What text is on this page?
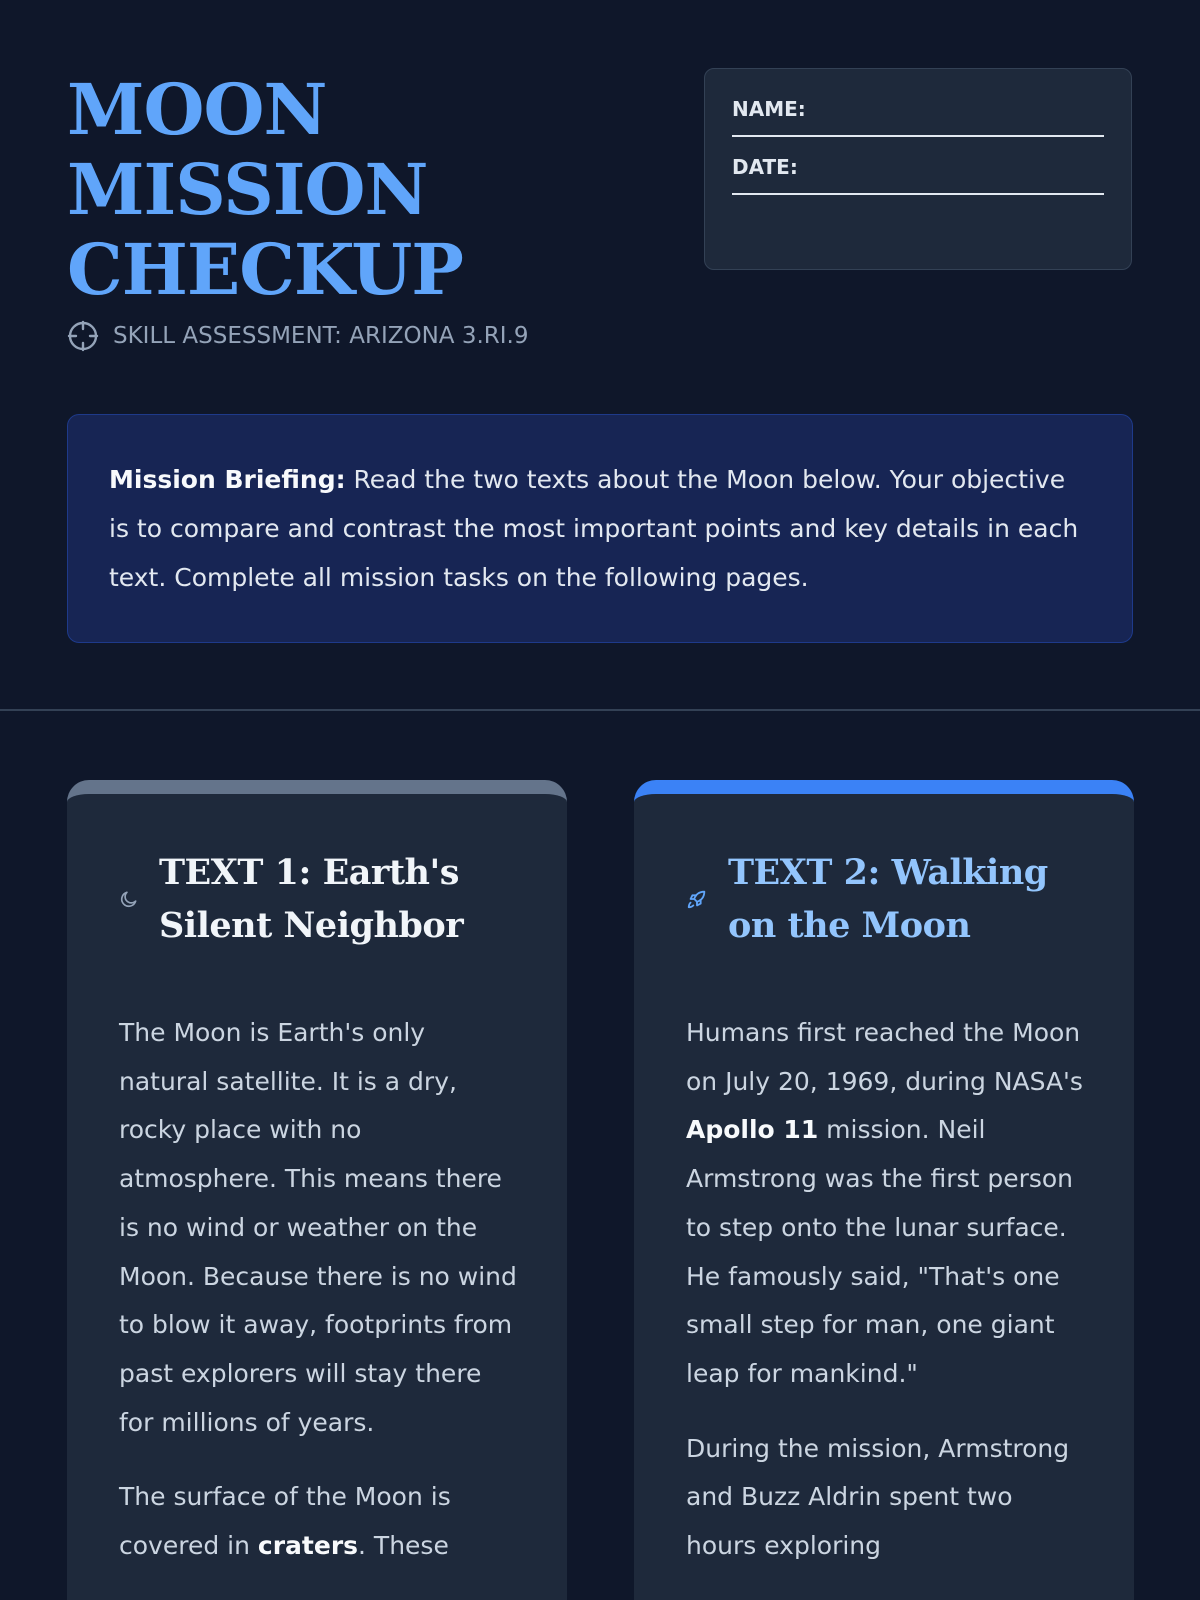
MOON
MISSION
CHECKUP
SKILL ASSESSMENT: ARIZONA 3.RI.9
NAME:
DATE:
Mission Briefing: Read the two texts about the Moon below. Your objective is to compare and contrast the most important points and key details in each text. Complete all mission tasks on the following pages.
TEXT 1: Earth's Silent Neighbor

The Moon is Earth's only natural satellite. It is a dry, rocky place with no atmosphere. This means there is no wind or weather on the Moon. Because there is no wind to blow it away, footprints from past explorers will stay there for millions of years.

The surface of the Moon is covered in craters. These

TEXT 2: Walking on the Moon

Humans first reached the Moon on July 20, 1969, during NASA's Apollo 11 mission. Neil Armstrong was the first person to step onto the lunar surface. He famously said, "That's one small step for man, one giant leap for mankind."

During the mission, Armstrong and Buzz Aldrin spent two hours exploring
